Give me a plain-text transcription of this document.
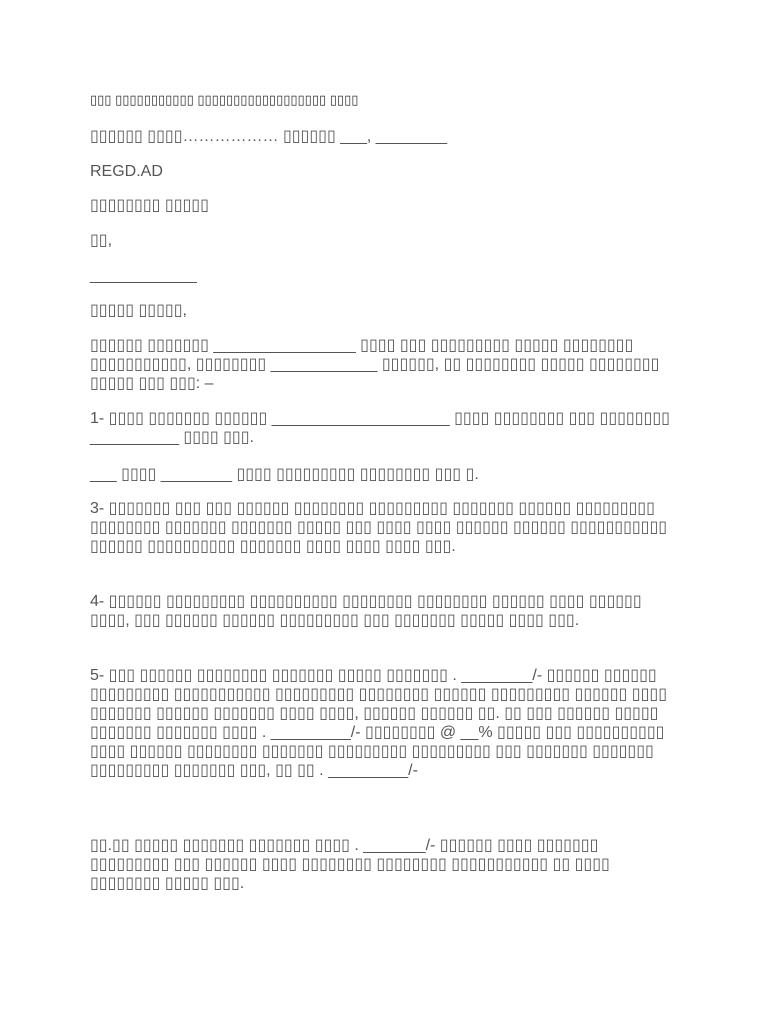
▯▯▯ ▯▯▯▯▯▯▯▯▯▯▯ ▯▯▯▯▯▯▯▯▯▯▯▯▯▯▯▯▯▯ ▯▯▯▯
▯▯▯▯▯▯ ▯▯▯▯……………… ▯▯▯▯▯▯ ___, ________
REGD.AD
▯▯▯▯▯▯▯▯ ▯▯▯▯▯
▯▯,
____________
▯▯▯▯▯ ▯▯▯▯▯,
▯▯▯▯▯▯ ▯▯▯▯▯▯▯ ________________ ▯▯▯▯ ▯▯▯ ▯▯▯▯▯▯▯▯▯ ▯▯▯▯▯ ▯▯▯▯▯▯▯▯ ▯▯▯▯▯▯▯▯▯▯▯, ▯▯▯▯▯▯▯▯ ____________ ▯▯▯▯▯▯, ▯▯ ▯▯▯▯▯▯▯▯ ▯▯▯▯▯ ▯▯▯▯▯▯▯▯ ▯▯▯▯▯ ▯▯▯ ▯▯▯: –
1- ▯▯▯▯ ▯▯▯▯▯▯▯ ▯▯▯▯▯▯ ____________________ ▯▯▯▯ ▯▯▯▯▯▯▯▯ ▯▯▯ ▯▯▯▯▯▯▯▯ __________ ▯▯▯▯ ▯▯▯.
___ ▯▯▯▯ ________ ▯▯▯▯ ▯▯▯▯▯▯▯▯▯ ▯▯▯▯▯▯▯▯ ▯▯▯ ▯.
3- ▯▯▯▯▯▯▯ ▯▯▯ ▯▯▯ ▯▯▯▯▯▯ ▯▯▯▯▯▯▯▯ ▯▯▯▯▯▯▯▯▯ ▯▯▯▯▯▯▯ ▯▯▯▯▯▯ ▯▯▯▯▯▯▯▯▯ ▯▯▯▯▯▯▯▯ ▯▯▯▯▯▯▯ ▯▯▯▯▯▯▯ ▯▯▯▯▯ ▯▯▯ ▯▯▯▯ ▯▯▯▯ ▯▯▯▯▯▯ ▯▯▯▯▯▯ ▯▯▯▯▯▯▯▯▯▯▯ ▯▯▯▯▯▯ ▯▯▯▯▯▯▯▯▯▯ ▯▯▯▯▯▯▯ ▯▯▯▯ ▯▯▯▯ ▯▯▯▯ ▯▯▯.
4- ▯▯▯▯▯▯ ▯▯▯▯▯▯▯▯▯ ▯▯▯▯▯▯▯▯▯▯ ▯▯▯▯▯▯▯▯ ▯▯▯▯▯▯▯▯ ▯▯▯▯▯▯ ▯▯▯▯ ▯▯▯▯▯▯ ▯▯▯▯, ▯▯▯ ▯▯▯▯▯▯ ▯▯▯▯▯▯ ▯▯▯▯▯▯▯▯▯ ▯▯▯ ▯▯▯▯▯▯▯ ▯▯▯▯▯ ▯▯▯▯ ▯▯▯.
5- ▯▯▯ ▯▯▯▯▯▯ ▯▯▯▯▯▯▯▯ ▯▯▯▯▯▯▯ ▯▯▯▯▯ ▯▯▯▯▯▯▯ . ________/- ▯▯▯▯▯▯ ▯▯▯▯▯▯ ▯▯▯▯▯▯▯▯▯ ▯▯▯▯▯▯▯▯▯▯▯ ▯▯▯▯▯▯▯▯▯ ▯▯▯▯▯▯▯▯ ▯▯▯▯▯▯ ▯▯▯▯▯▯▯▯▯ ▯▯▯▯▯▯ ▯▯▯▯ ▯▯▯▯▯▯▯ ▯▯▯▯▯▯ ▯▯▯▯▯▯▯ ▯▯▯▯ ▯▯▯▯, ▯▯▯▯▯▯ ▯▯▯▯▯▯ ▯▯. ▯▯ ▯▯▯ ▯▯▯▯▯▯ ▯▯▯▯▯ ▯▯▯▯▯▯▯ ▯▯▯▯▯▯▯ ▯▯▯▯ . _________/- ▯▯▯▯▯▯▯▯ @ __% ▯▯▯▯▯ ▯▯▯ ▯▯▯▯▯▯▯▯▯▯ ▯▯▯▯ ▯▯▯▯▯▯ ▯▯▯▯▯▯▯▯ ▯▯▯▯▯▯▯ ▯▯▯▯▯▯▯▯▯ ▯▯▯▯▯▯▯▯▯ ▯▯▯ ▯▯▯▯▯▯▯ ▯▯▯▯▯▯▯ ▯▯▯▯▯▯▯▯▯ ▯▯▯▯▯▯▯ ▯▯▯, ▯▯ ▯▯ . _________/-
▯▯.▯▯ ▯▯▯▯▯ ▯▯▯▯▯▯▯ ▯▯▯▯▯▯▯ ▯▯▯▯ . _______/- ▯▯▯▯▯▯ ▯▯▯▯ ▯▯▯▯▯▯▯ ▯▯▯▯▯▯▯▯▯ ▯▯▯ ▯▯▯▯▯▯ ▯▯▯▯ ▯▯▯▯▯▯▯▯ ▯▯▯▯▯▯▯▯ ▯▯▯▯▯▯▯▯▯▯▯ ▯▯ ▯▯▯▯ ▯▯▯▯▯▯▯▯ ▯▯▯▯▯ ▯▯▯.
